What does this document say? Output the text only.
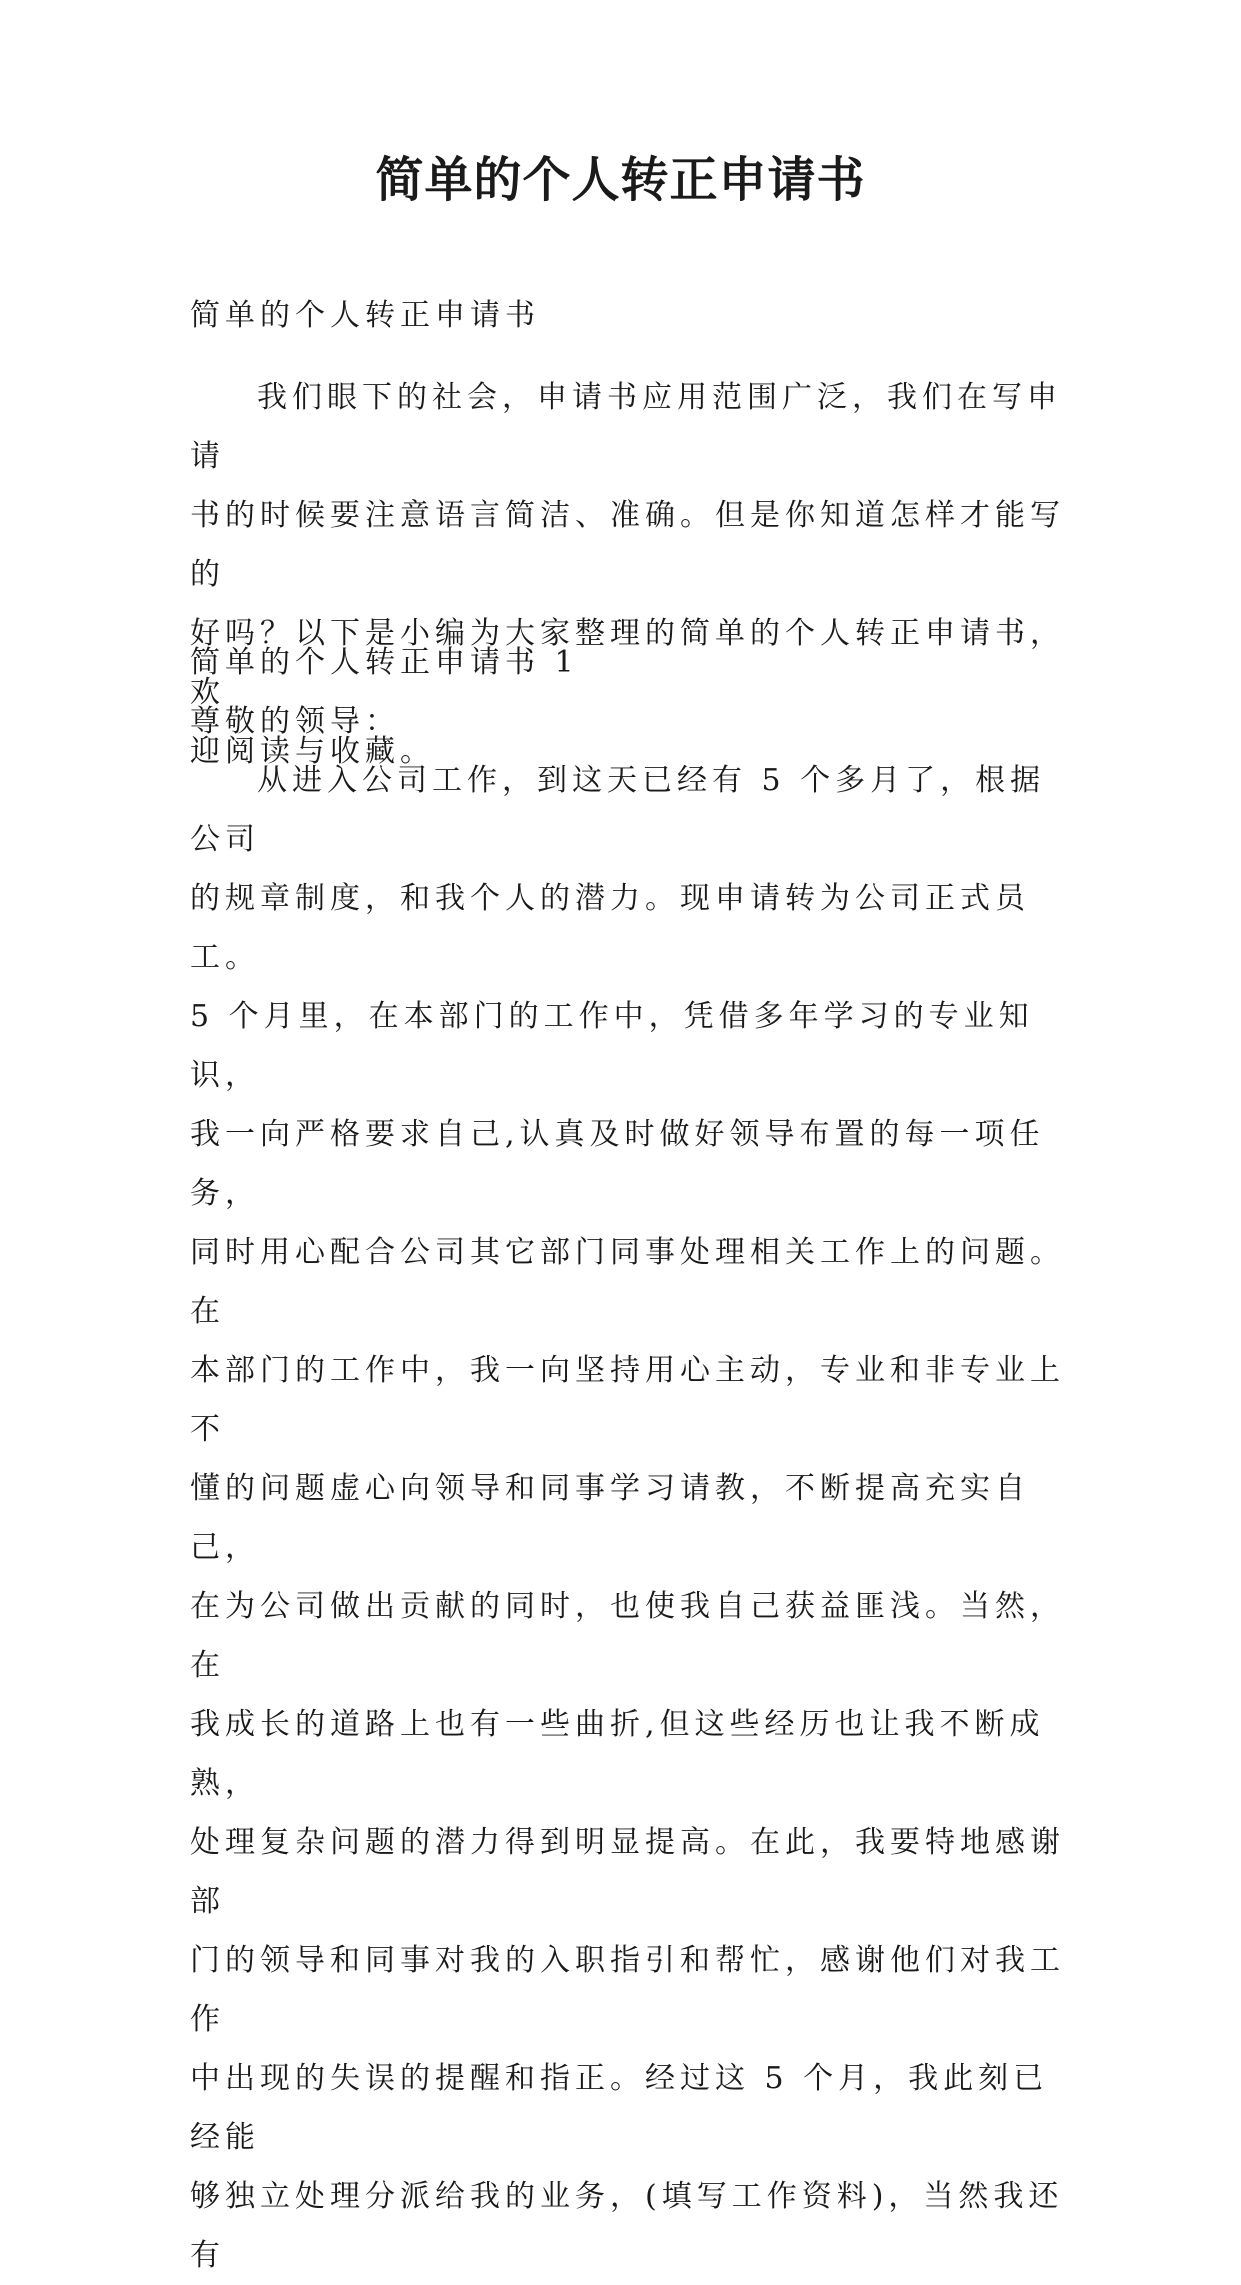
简单的个人转正申请书

简单的个人转正申请书

我们眼下的社会，申请书应用范围广泛，我们在写申请
书的时候要注意语言简洁、准确。但是你知道怎样才能写的
好吗？以下是小编为大家整理的简单的个人转正申请书，欢
迎阅读与收藏。

简单的个人转正申请书 1

尊敬的领导：

从进入公司工作，到这天已经有 5 个多月了，根据公司
的规章制度，和我个人的潜力。现申请转为公司正式员工。
5 个月里，在本部门的工作中，凭借多年学习的专业知识，
我一向严格要求自己,认真及时做好领导布置的每一项任务，
同时用心配合公司其它部门同事处理相关工作上的问题。在
本部门的工作中，我一向坚持用心主动，专业和非专业上不
懂的问题虚心向领导和同事学习请教，不断提高充实自己，
在为公司做出贡献的同时，也使我自己获益匪浅。当然，在
我成长的道路上也有一些曲折,但这些经历也让我不断成熟，
处理复杂问题的潜力得到明显提高。在此，我要特地感谢部
门的领导和同事对我的入职指引和帮忙，感谢他们对我工作
中出现的失误的提醒和指正。经过这 5 个月，我此刻已经能
够独立处理分派给我的业务，(填写工作资料)，当然我还有
